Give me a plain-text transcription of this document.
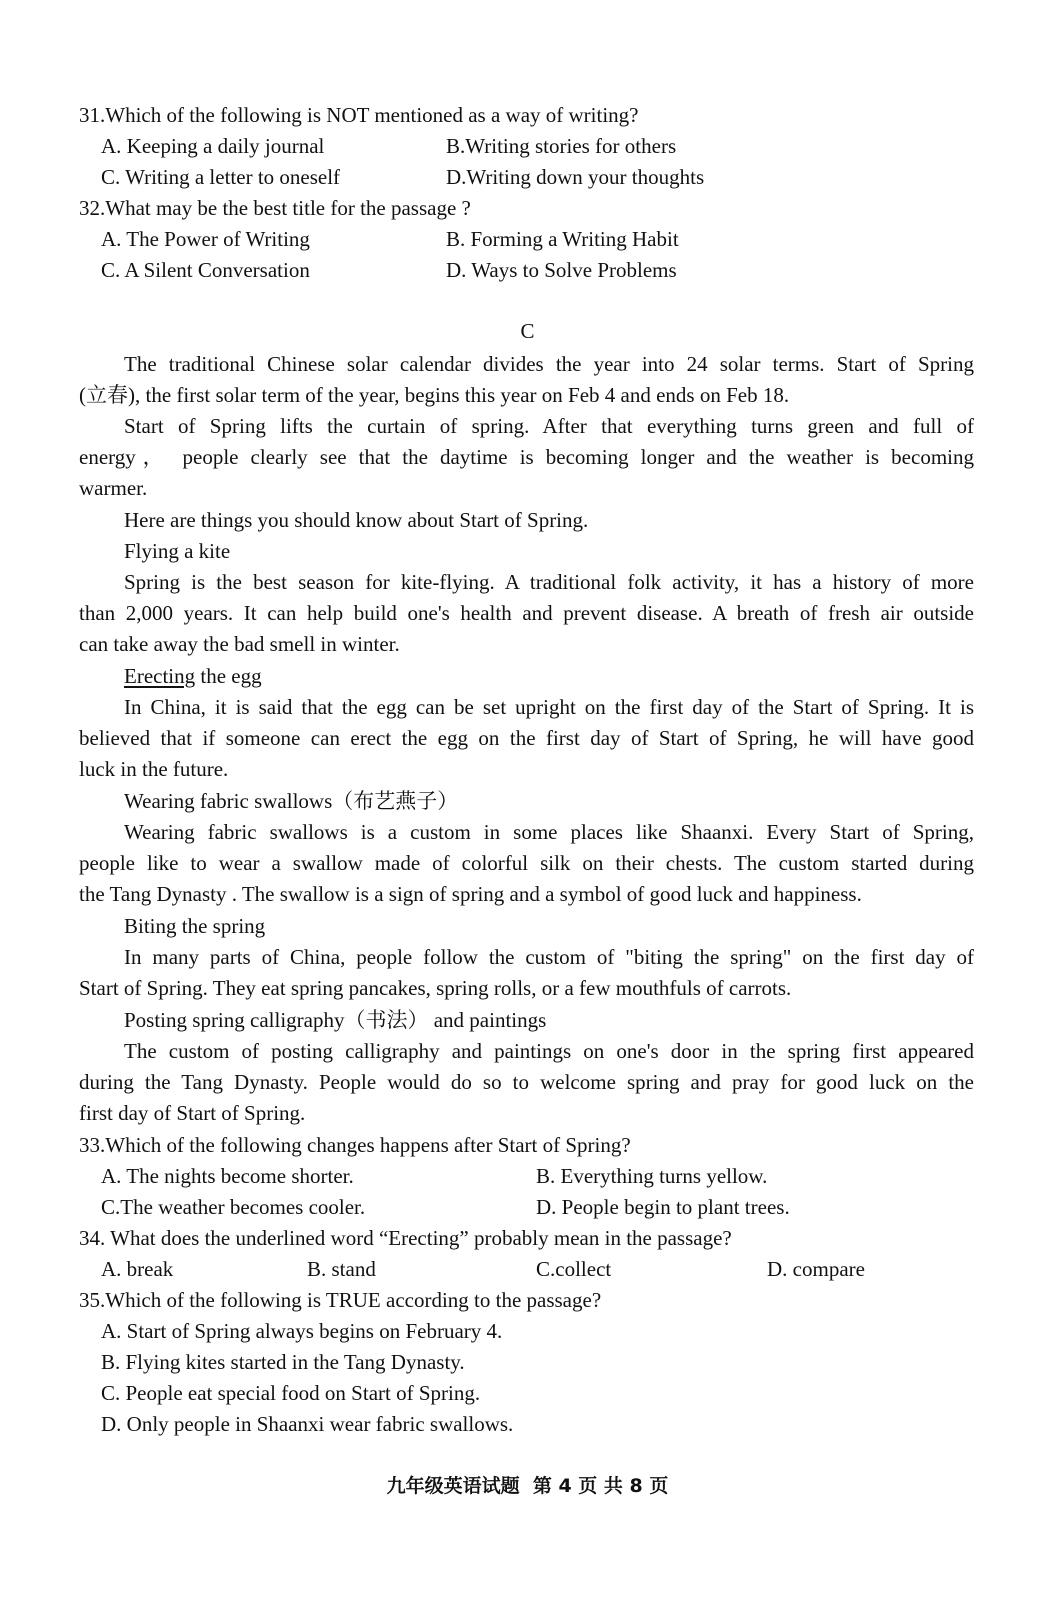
31.Which of the following is NOT mentioned as a way of writing?
A. Keeping a daily journal	B.Writing stories for others
C. Writing a letter to oneself	D.Writing down your thoughts
32.What may be the best title for the passage ?
A. The Power of Writing	B. Forming a Writing Habit
C. A Silent Conversation	D. Ways to Solve Problems
C
The traditional Chinese solar calendar divides the year into 24 solar terms. Start of Spring
(立春), the first solar term of the year, begins this year on Feb 4 and ends on Feb 18.
Start of Spring lifts the curtain of spring. After that everything turns green and full of
energy， people clearly see that the daytime is becoming longer and the weather is becoming
warmer.
Here are things you should know about Start of Spring.
Flying a kite
Spring is the best season for kite-flying. A traditional folk activity, it has a history of more
than 2,000 years. It can help build one's health and prevent disease. A breath of fresh air outside
can take away the bad smell in winter.
Erecting the egg
In China, it is said that the egg can be set upright on the first day of the Start of Spring. It is
believed that if someone can erect the egg on the first day of Start of Spring, he will have good
luck in the future.
Wearing fabric swallows（布艺燕子）
Wearing fabric swallows is a custom in some places like Shaanxi. Every Start of Spring,
people like to wear a swallow made of colorful silk on their chests. The custom started during
the Tang Dynasty . The swallow is a sign of spring and a symbol of good luck and happiness.
Biting the spring
In many parts of China, people follow the custom of "biting the spring" on the first day of
Start of Spring. They eat spring pancakes, spring rolls, or a few mouthfuls of carrots.
Posting spring calligraphy（书法） and paintings
The custom of posting calligraphy and paintings on one's door in the spring first appeared
during the Tang Dynasty. People would do so to welcome spring and pray for good luck on the
first day of Start of Spring.
33.Which of the following changes happens after Start of Spring?
A. The nights become shorter.	B. Everything turns yellow.
C.The weather becomes cooler.	D. People begin to plant trees.
34. What does the underlined word “Erecting” probably mean in the passage?
A. break	B. stand	C.collect	D. compare
35.Which of the following is TRUE according to the passage?
A. Start of Spring always begins on February 4.
B. Flying kites started in the Tang Dynasty.
C. People eat special food on Start of Spring.
D. Only people in Shaanxi wear fabric swallows.
九年级英语试题  第 4 页 共 8 页
